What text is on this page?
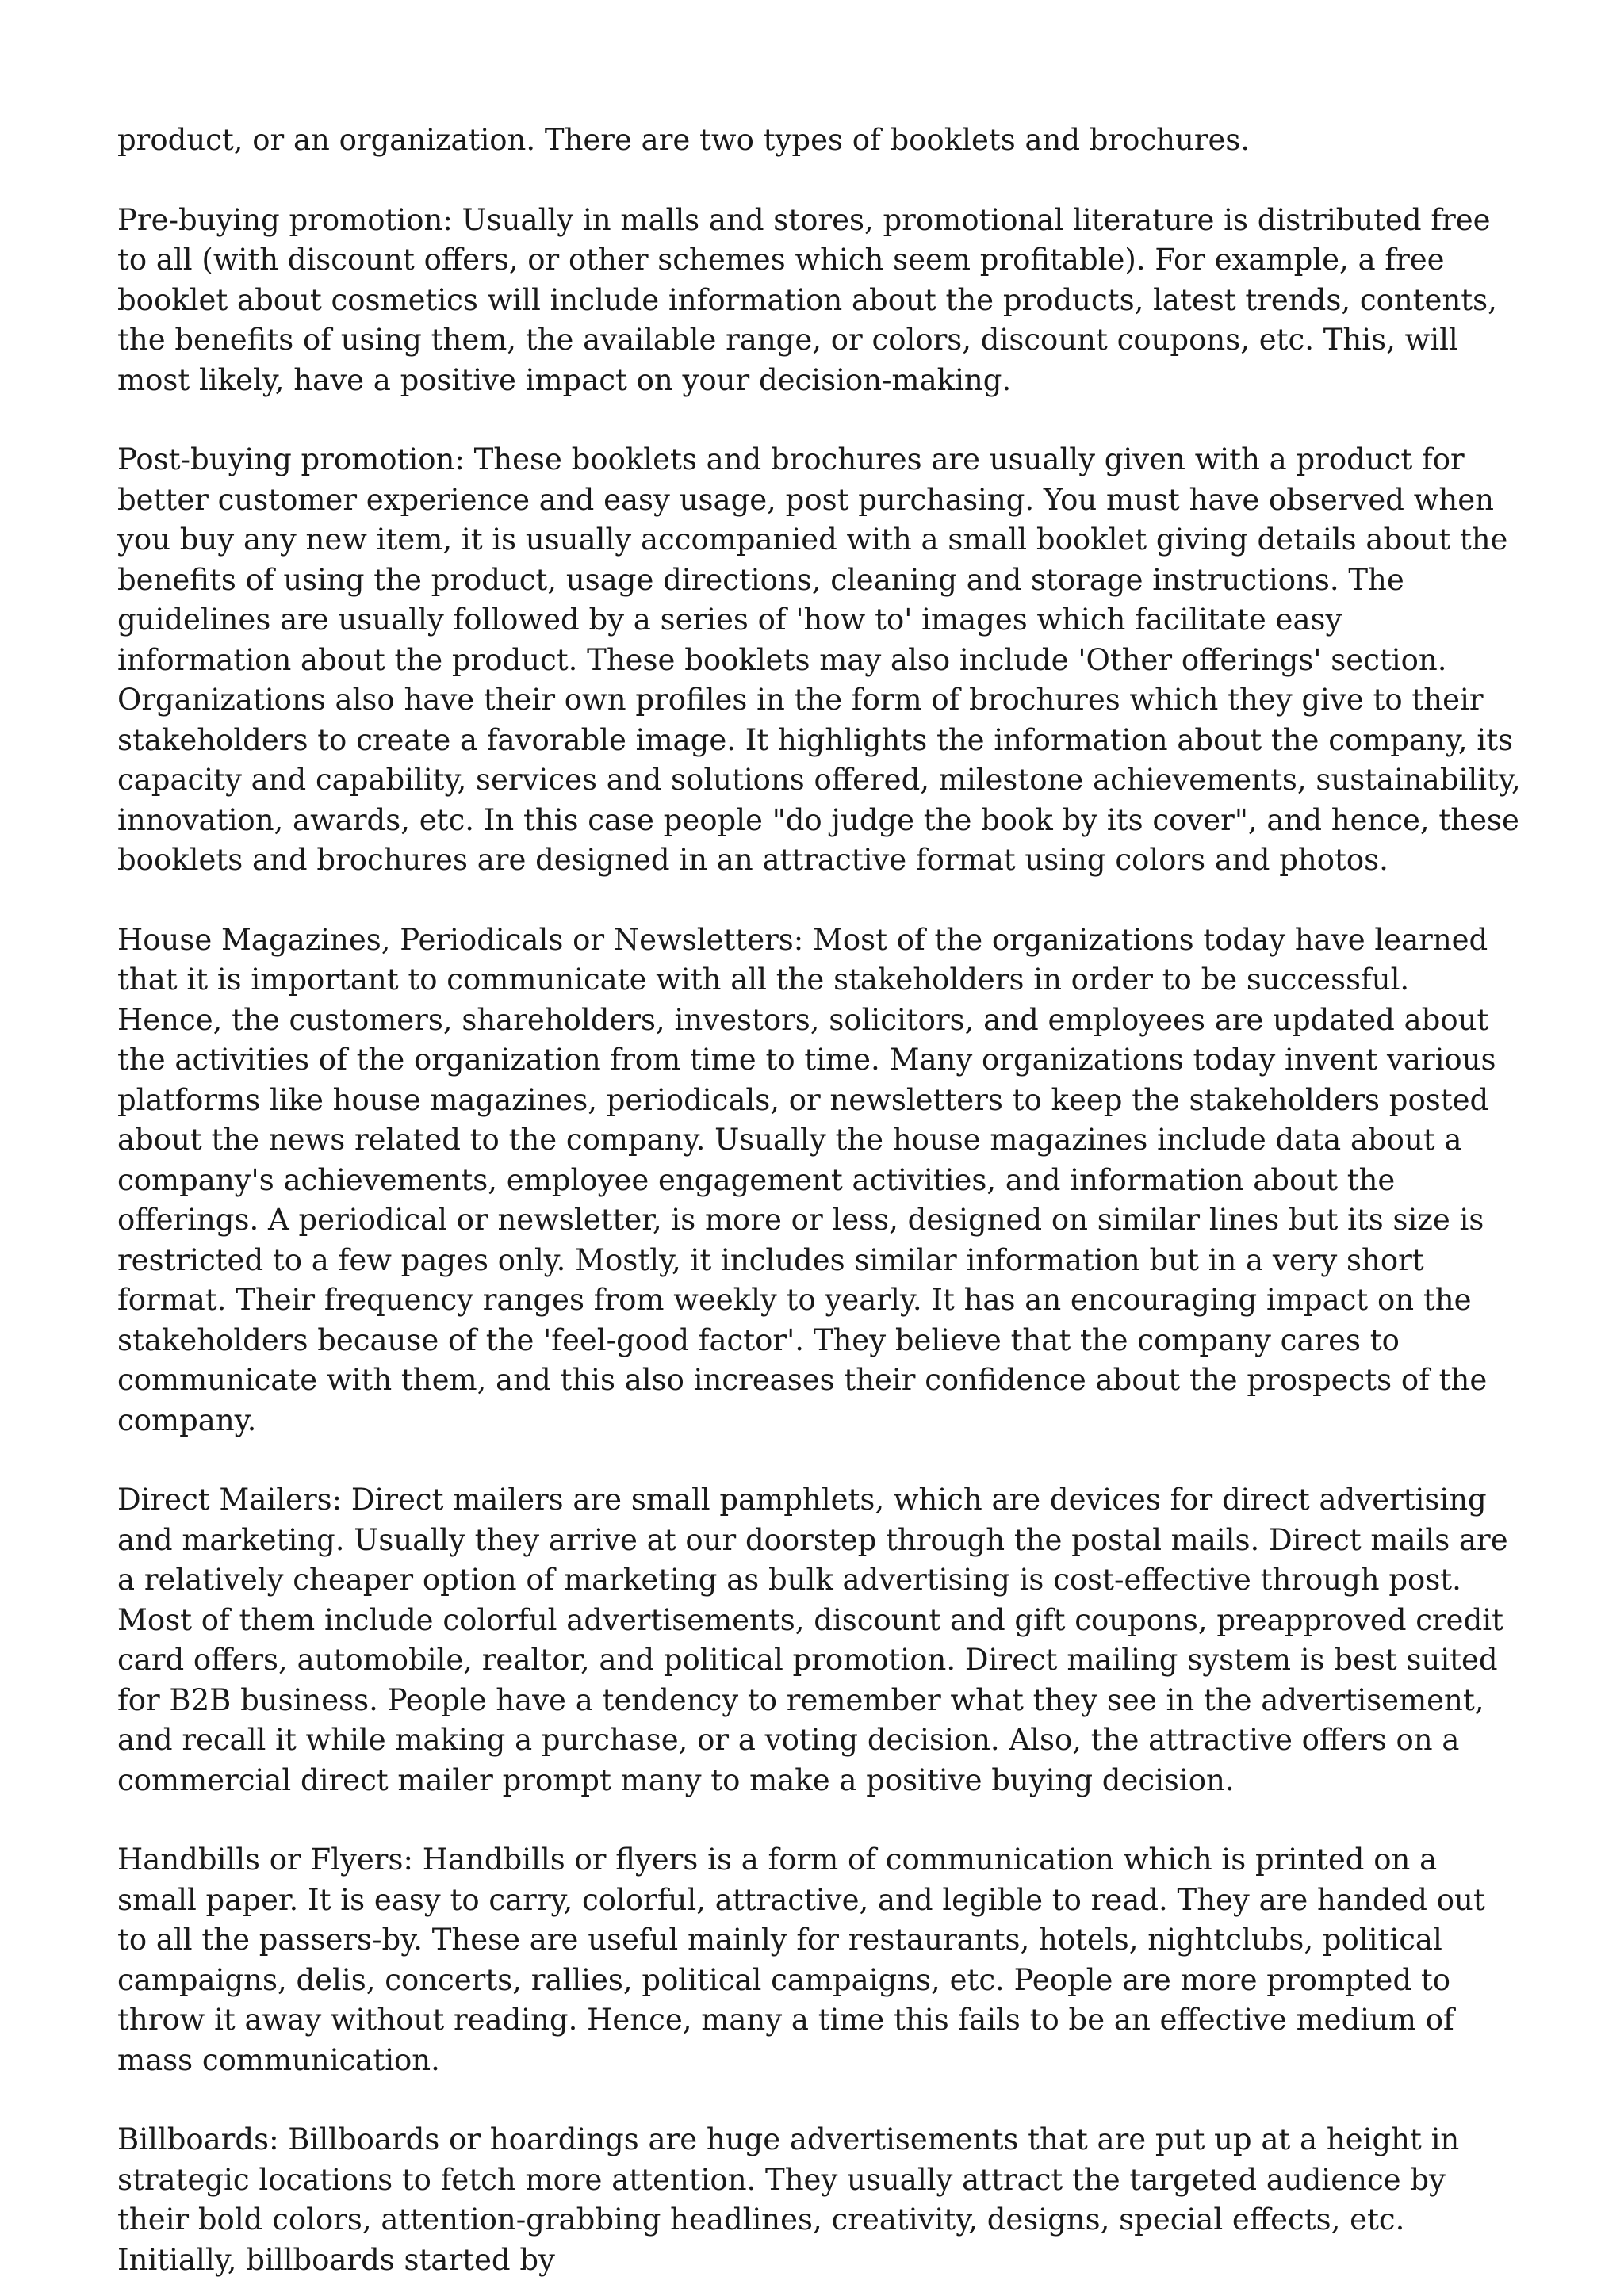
product, or an organization. There are two types of booklets and brochures.

Pre-buying promotion: Usually in malls and stores, promotional literature is distributed free to all (with discount offers, or other schemes which seem profitable). For example, a free booklet about cosmetics will include information about the products, latest trends, contents, the benefits of using them, the available range, or colors, discount coupons, etc. This, will most likely, have a positive impact on your decision-making.

Post-buying promotion: These booklets and brochures are usually given with a product for better customer experience and easy usage, post purchasing. You must have observed when you buy any new item, it is usually accompanied with a small booklet giving details about the benefits of using the product, usage directions, cleaning and storage instructions. The guidelines are usually followed by a series of 'how to' images which facilitate easy information about the product. These booklets may also include 'Other offerings' section. Organizations also have their own profiles in the form of brochures which they give to their stakeholders to create a favorable image. It highlights the information about the company, its capacity and capability, services and solutions offered, milestone achievements, sustainability, innovation, awards, etc. In this case people "do judge the book by its cover", and hence, these booklets and brochures are designed in an attractive format using colors and photos.

House Magazines, Periodicals or Newsletters: Most of the organizations today have learned that it is important to communicate with all the stakeholders in order to be successful. Hence, the customers, shareholders, investors, solicitors, and employees are updated about the activities of the organization from time to time. Many organizations today invent various platforms like house magazines, periodicals, or newsletters to keep the stakeholders posted about the news related to the company. Usually the house magazines include data about a company's achievements, employee engagement activities, and information about the offerings. A periodical or newsletter, is more or less, designed on similar lines but its size is restricted to a few pages only. Mostly, it includes similar information but in a very short format. Their frequency ranges from weekly to yearly. It has an encouraging impact on the stakeholders because of the 'feel-good factor'. They believe that the company cares to communicate with them, and this also increases their confidence about the prospects of the company.

Direct Mailers: Direct mailers are small pamphlets, which are devices for direct advertising and marketing. Usually they arrive at our doorstep through the postal mails. Direct mails are a relatively cheaper option of marketing as bulk advertising is cost-effective through post. Most of them include colorful advertisements, discount and gift coupons, preapproved credit card offers, automobile, realtor, and political promotion. Direct mailing system is best suited for B2B business. People have a tendency to remember what they see in the advertisement, and recall it while making a purchase, or a voting decision. Also, the attractive offers on a commercial direct mailer prompt many to make a positive buying decision.

Handbills or Flyers: Handbills or flyers is a form of communication which is printed on a small paper. It is easy to carry, colorful, attractive, and legible to read. They are handed out to all the passers-by. These are useful mainly for restaurants, hotels, nightclubs, political campaigns, delis, concerts, rallies, political campaigns, etc. People are more prompted to throw it away without reading. Hence, many a time this fails to be an effective medium of mass communication.

Billboards: Billboards or hoardings are huge advertisements that are put up at a height in strategic locations to fetch more attention. They usually attract the targeted audience by their bold colors, attention-grabbing headlines, creativity, designs, special effects, etc. Initially, billboards started by
